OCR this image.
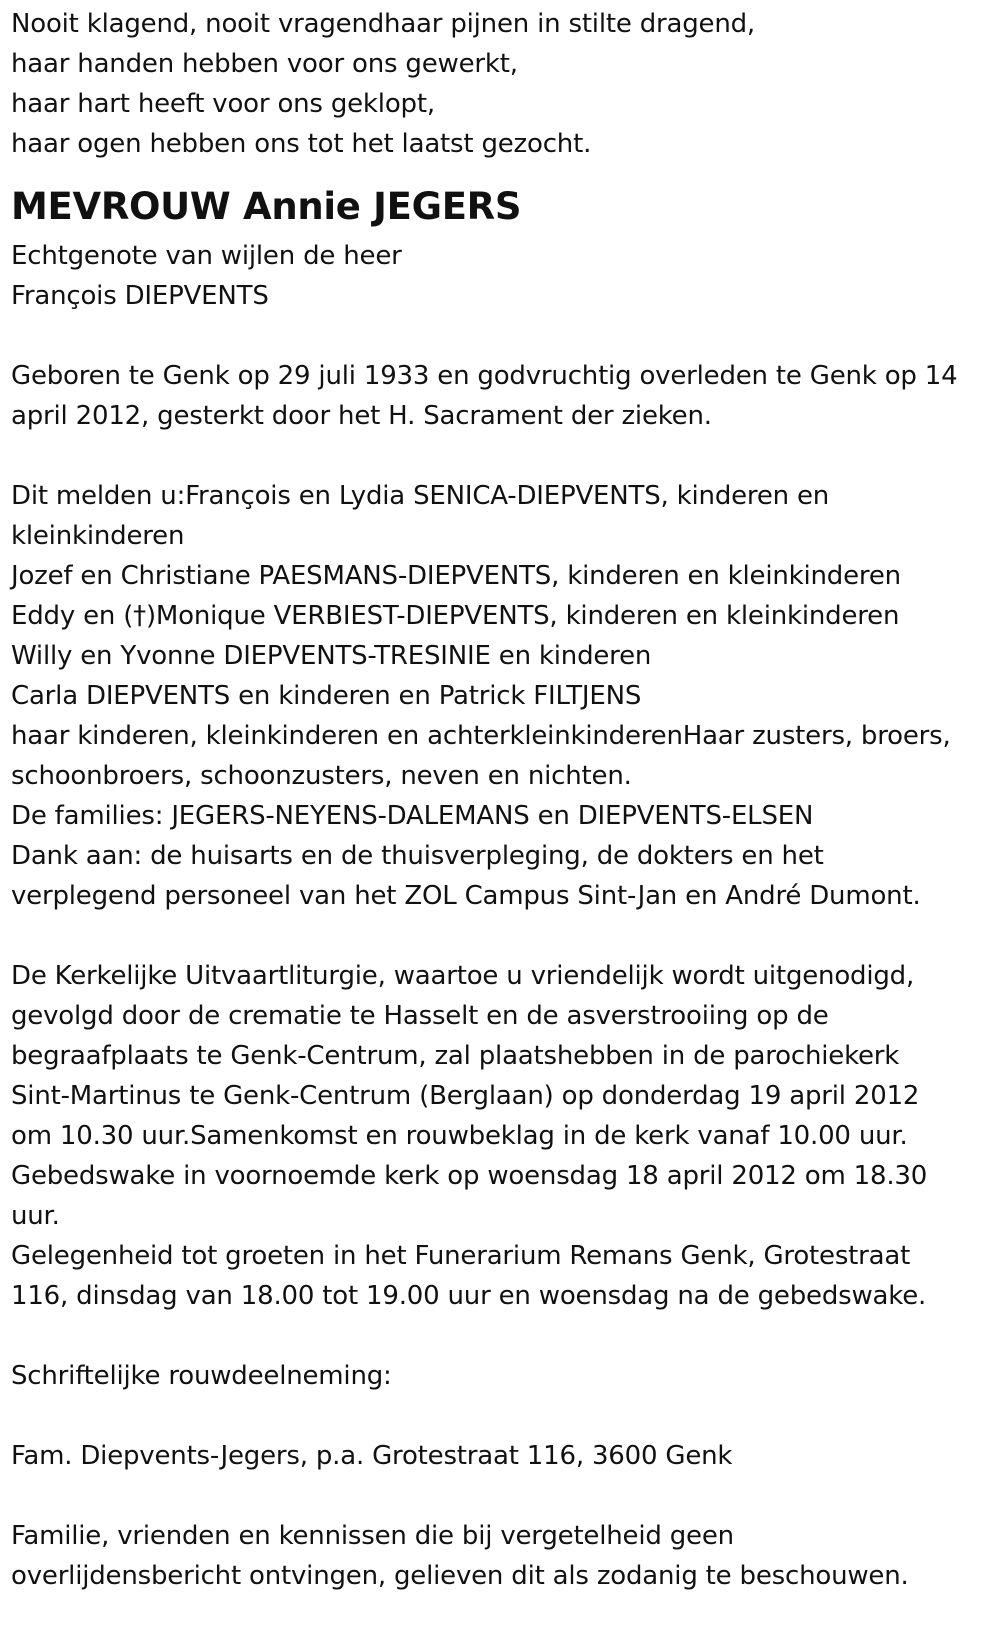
Nooit klagend, nooit vragendhaar pijnen in stilte dragend,
haar handen hebben voor ons gewerkt,
haar hart heeft voor ons geklopt,
haar ogen hebben ons tot het laatst gezocht.
MEVROUW Annie JEGERS
Echtgenote van wijlen de heer
François DIEPVENTS
Geboren te Genk op 29 juli 1933 en godvruchtig overleden te Genk op 14
april 2012, gesterkt door het H. Sacrament der zieken.
Dit melden u:François en Lydia SENICA-DIEPVENTS, kinderen en
kleinkinderen
Jozef en Christiane PAESMANS-DIEPVENTS, kinderen en kleinkinderen
Eddy en (†)Monique VERBIEST-DIEPVENTS, kinderen en kleinkinderen
Willy en Yvonne DIEPVENTS-TRESINIE en kinderen
Carla DIEPVENTS en kinderen en Patrick FILTJENS
haar kinderen, kleinkinderen en achterkleinkinderenHaar zusters, broers,
schoonbroers, schoonzusters, neven en nichten.
De families: JEGERS-NEYENS-DALEMANS en DIEPVENTS-ELSEN
Dank aan: de huisarts en de thuisverpleging, de dokters en het
verplegend personeel van het ZOL Campus Sint-Jan en André Dumont.
De Kerkelijke Uitvaartliturgie, waartoe u vriendelijk wordt uitgenodigd,
gevolgd door de crematie te Hasselt en de asverstrooiing op de
begraafplaats te Genk-Centrum, zal plaatshebben in de parochiekerk
Sint-Martinus te Genk-Centrum (Berglaan) op donderdag 19 april 2012
om 10.30 uur.Samenkomst en rouwbeklag in de kerk vanaf 10.00 uur.
Gebedswake in voornoemde kerk op woensdag 18 april 2012 om 18.30
uur.
Gelegenheid tot groeten in het Funerarium Remans Genk, Grotestraat
116, dinsdag van 18.00 tot 19.00 uur en woensdag na de gebedswake.
Schriftelijke rouwdeelneming:
Fam. Diepvents-Jegers, p.a. Grotestraat 116, 3600 Genk
Familie, vrienden en kennissen die bij vergetelheid geen
overlijdensbericht ontvingen, gelieven dit als zodanig te beschouwen.
